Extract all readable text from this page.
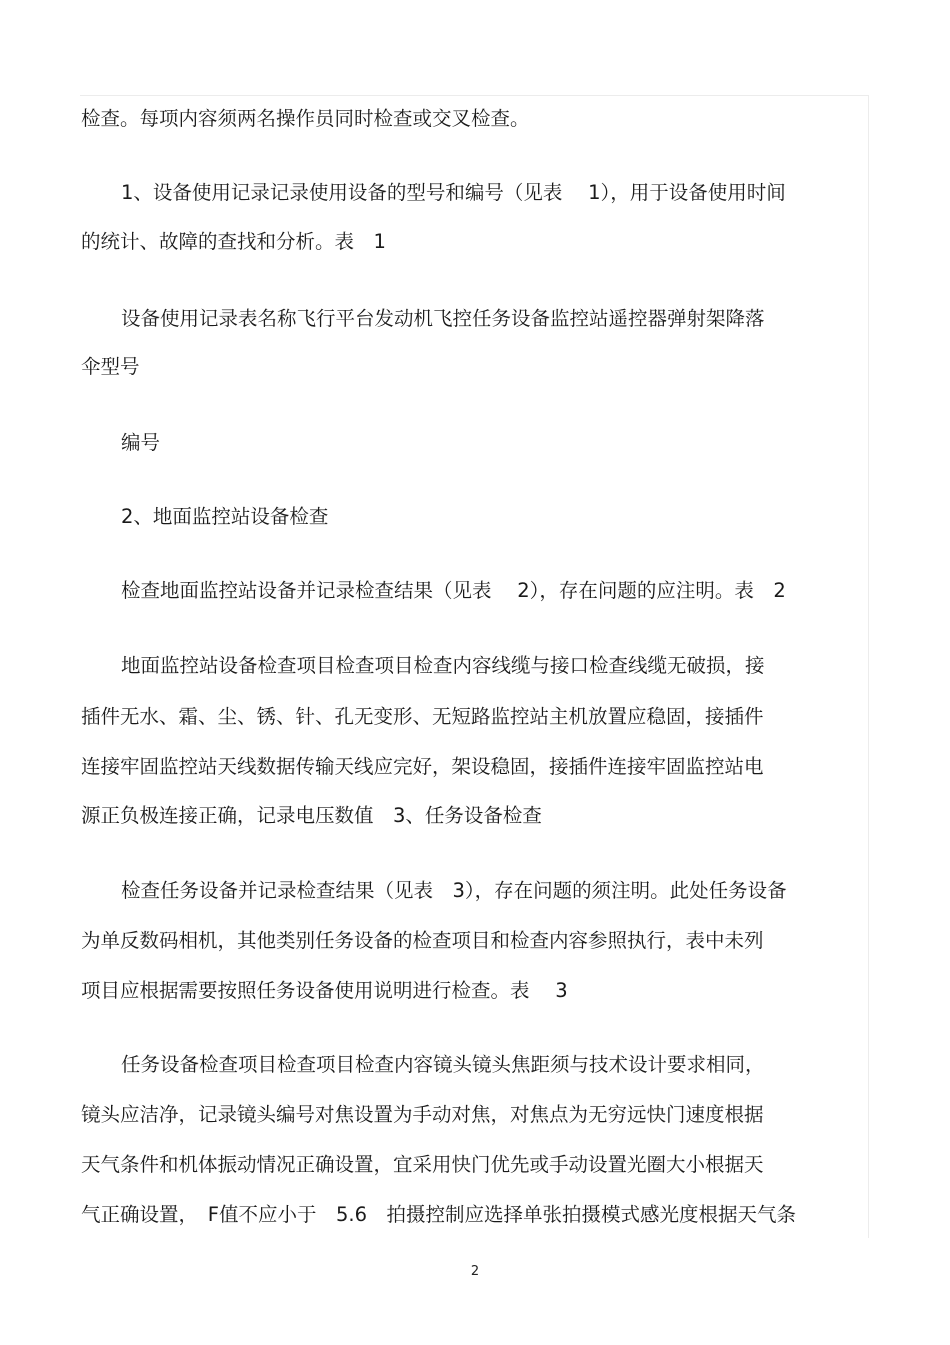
检查。每项内容须两名操作员同时检查或交叉检查。
1、设备使用记录记录使用设备的型号和编号（见表　 1），用于设备使用时间
的统计、故障的查找和分析。表　1
设备使用记录表名称飞行平台发动机飞控任务设备监控站遥控器弹射架降落
伞型号
编号
2、地面监控站设备检查
检查地面监控站设备并记录检查结果（见表　 2），存在问题的应注明。表　2
地面监控站设备检查项目检查项目检查内容线缆与接口检查线缆无破损，接
插件无水、霜、尘、锈、针、孔无变形、无短路监控站主机放置应稳固，接插件
连接牢固监控站天线数据传输天线应完好，架设稳固，接插件连接牢固监控站电
源正负极连接正确，记录电压数值　3、任务设备检查
检查任务设备并记录检查结果（见表　3），存在问题的须注明。此处任务设备
为单反数码相机，其他类别任务设备的检查项目和检查内容参照执行，表中未列
项目应根据需要按照任务设备使用说明进行检查。表　 3
任务设备检查项目检查项目检查内容镜头镜头焦距须与技术设计要求相同，
镜头应洁净，记录镜头编号对焦设置为手动对焦，对焦点为无穷远快门速度根据
天气条件和机体振动情况正确设置，宜采用快门优先或手动设置光圈大小根据天
气正确设置，　F值不应小于　5.6　拍摄控制应选择单张拍摄模式感光度根据天气条
2
